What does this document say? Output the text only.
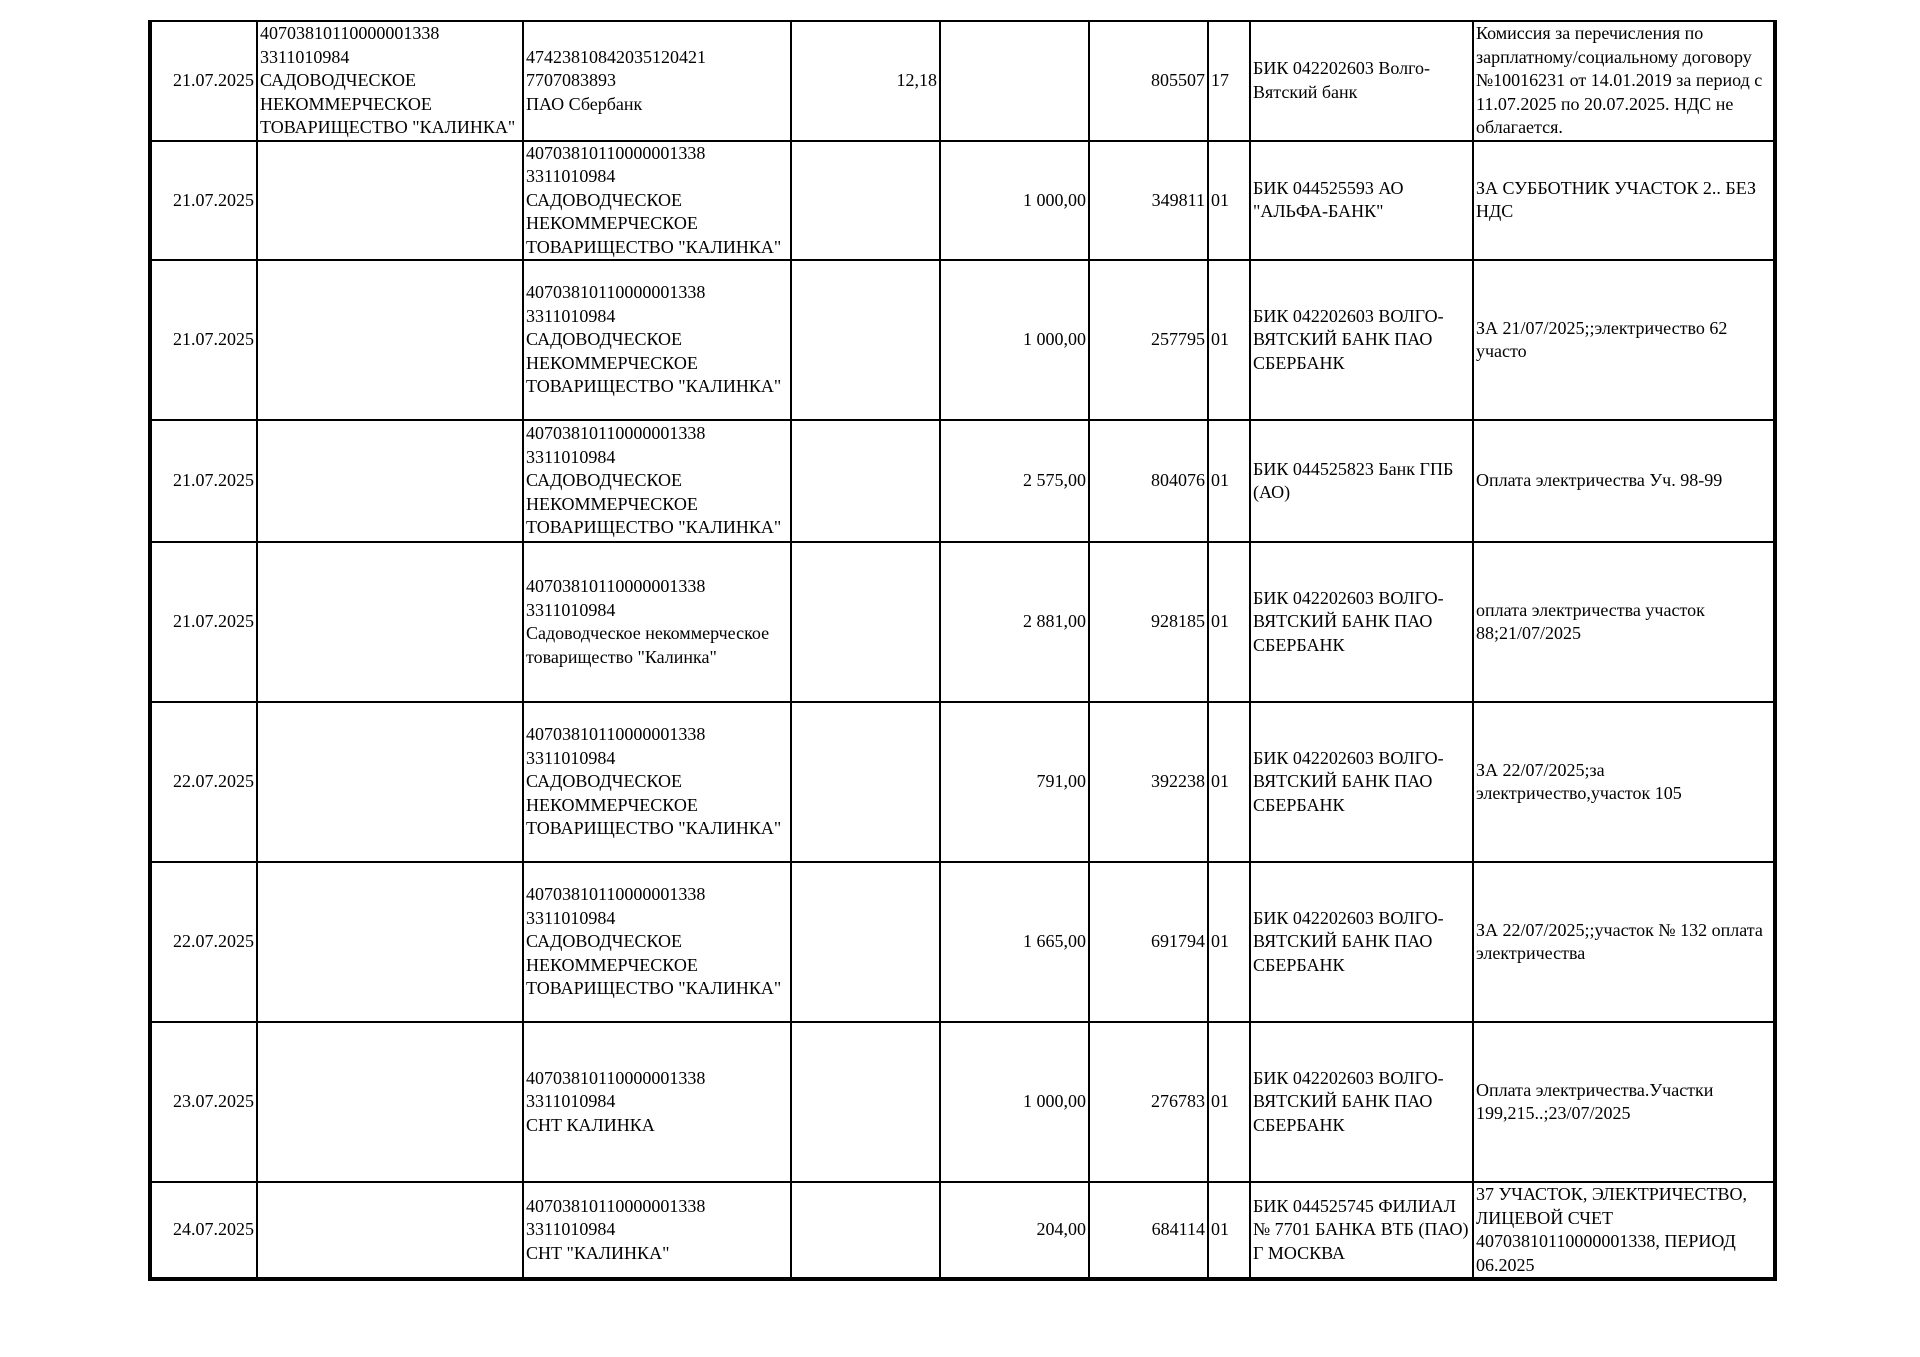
21.07.2025	40703810110000001338
3311010984
САДОВОДЧЕСКОЕ
НЕКОММЕРЧЕСКОЕ
ТОВАРИЩЕСТВО "КАЛИНКА"	47423810842035120421
7707083893
ПАО Сбербанк	12,18		805507	17	БИК 042202603 Волго-Вятский банк	Комиссия за перечисления по зарплатному/социальному договору №10016231 от 14.01.2019 за период с 11.07.2025 по 20.07.2025. НДС не облагается.
21.07.2025		40703810110000001338
3311010984
САДОВОДЧЕСКОЕ
НЕКОММЕРЧЕСКОЕ
ТОВАРИЩЕСТВО "КАЛИНКА"		1 000,00	349811	01	БИК 044525593 АО "АЛЬФА-БАНК"	ЗА СУББОТНИК УЧАСТОК 2.. БЕЗ НДС
21.07.2025		40703810110000001338
3311010984
САДОВОДЧЕСКОЕ
НЕКОММЕРЧЕСКОЕ
ТОВАРИЩЕСТВО "КАЛИНКА"		1 000,00	257795	01	БИК 042202603 ВОЛГО-ВЯТСКИЙ БАНК ПАО СБЕРБАНК	ЗА 21/07/2025;;электричество 62 участо
21.07.2025		40703810110000001338
3311010984
САДОВОДЧЕСКОЕ
НЕКОММЕРЧЕСКОЕ
ТОВАРИЩЕСТВО "КАЛИНКА"		2 575,00	804076	01	БИК 044525823 Банк ГПБ (АО)	Оплата электричества Уч. 98-99
21.07.2025		40703810110000001338
3311010984
Садоводческое некоммерческое товарищество "Калинка"		2 881,00	928185	01	БИК 042202603 ВОЛГО-ВЯТСКИЙ БАНК ПАО СБЕРБАНК	оплата электричества участок 88;21/07/2025
22.07.2025		40703810110000001338
3311010984
САДОВОДЧЕСКОЕ
НЕКОММЕРЧЕСКОЕ
ТОВАРИЩЕСТВО "КАЛИНКА"		791,00	392238	01	БИК 042202603 ВОЛГО-ВЯТСКИЙ БАНК ПАО СБЕРБАНК	ЗА 22/07/2025;за электричество,участок 105
22.07.2025		40703810110000001338
3311010984
САДОВОДЧЕСКОЕ
НЕКОММЕРЧЕСКОЕ
ТОВАРИЩЕСТВО "КАЛИНКА"		1 665,00	691794	01	БИК 042202603 ВОЛГО-ВЯТСКИЙ БАНК ПАО СБЕРБАНК	ЗА 22/07/2025;;участок № 132 оплата электричества
23.07.2025		40703810110000001338
3311010984
СНТ КАЛИНКА		1 000,00	276783	01	БИК 042202603 ВОЛГО-ВЯТСКИЙ БАНК ПАО СБЕРБАНК	Оплата электричества.Участки 199,215..;23/07/2025
24.07.2025		40703810110000001338
3311010984
СНТ "КАЛИНКА"		204,00	684114	01	БИК 044525745 ФИЛИАЛ № 7701 БАНКА ВТБ (ПАО) Г МОСКВА	37 УЧАСТОК, ЭЛЕКТРИЧЕСТВО, ЛИЦЕВОЙ СЧЕТ 40703810110000001338, ПЕРИОД 06.2025
